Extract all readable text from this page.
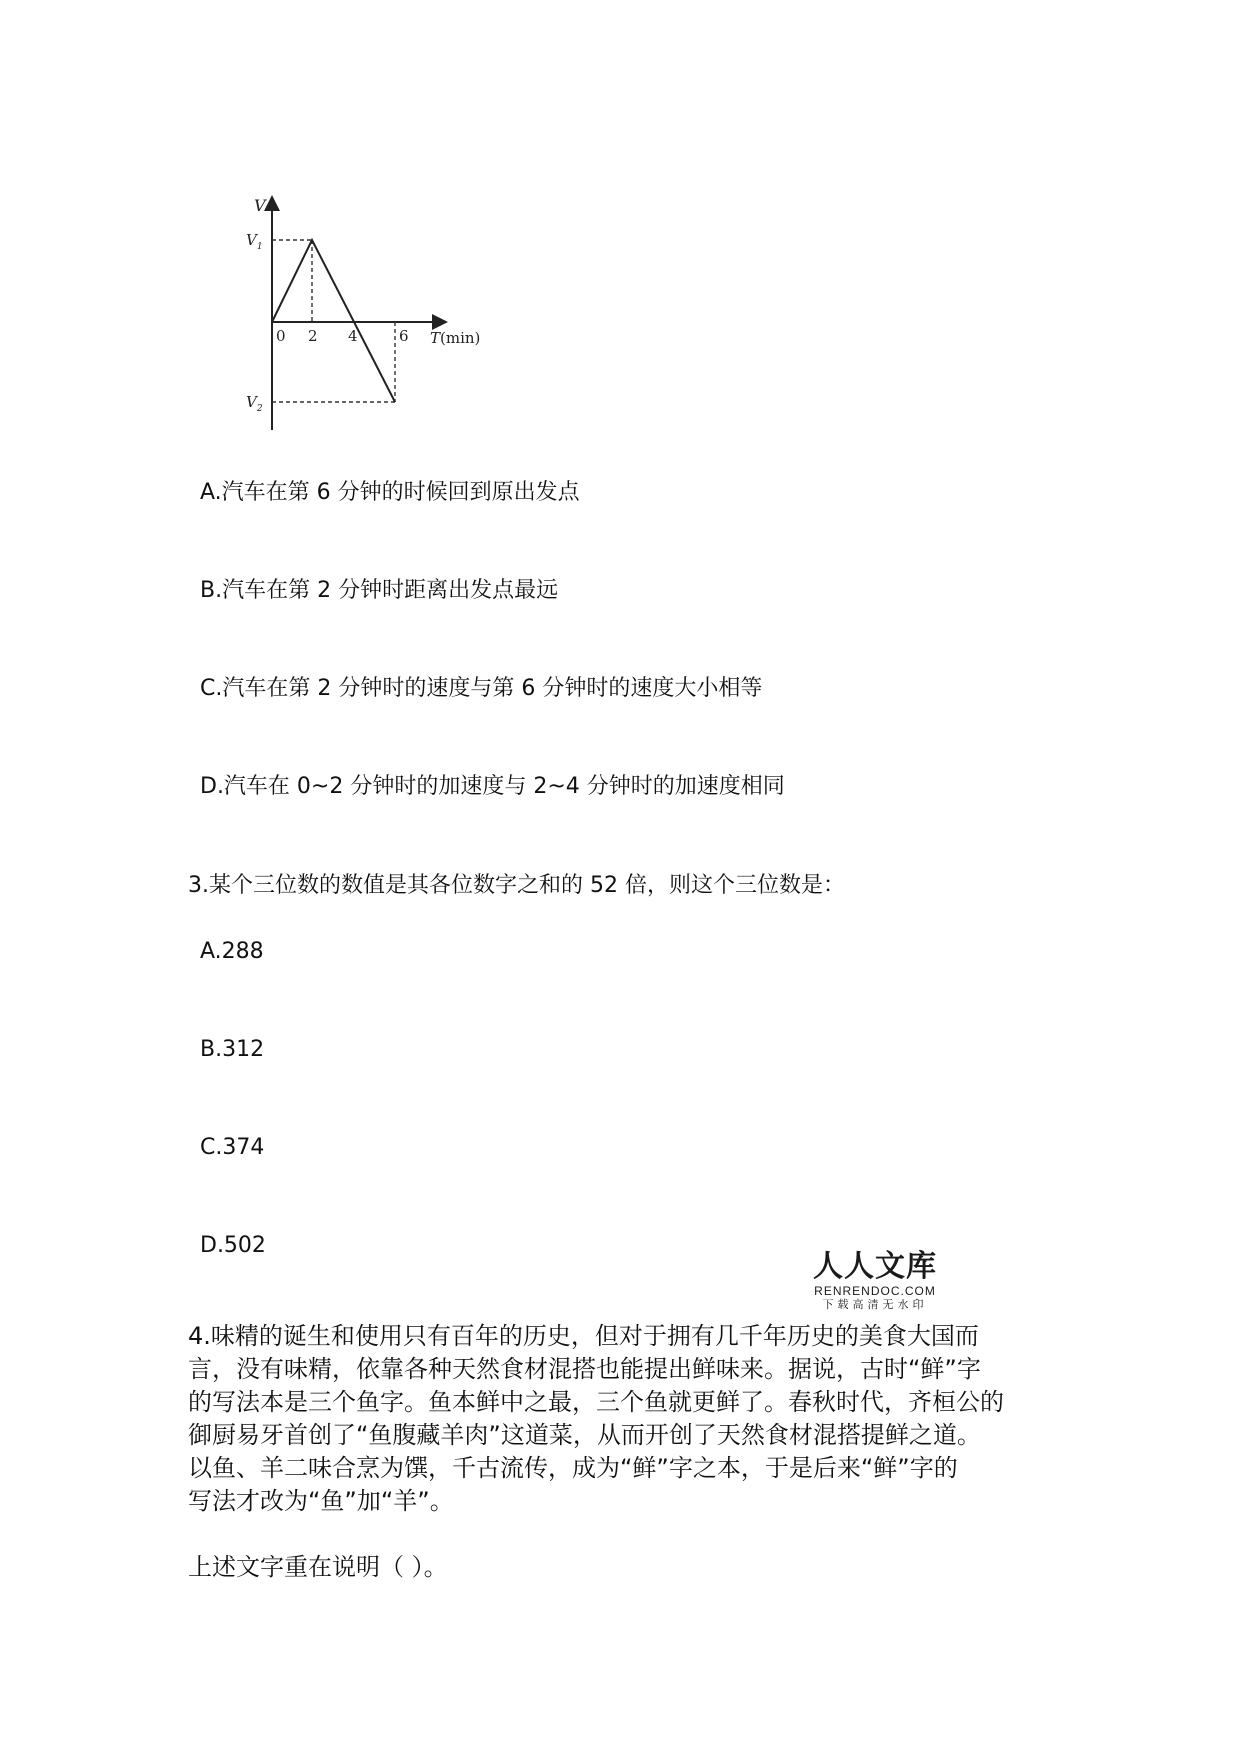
V
$V_1$
$V_2$
0 2 4	6 T(min)
A.汽车在第 6 分钟的时候回到原出发点
B.汽车在第 2 分钟时距离出发点最远
C.汽车在第 2 分钟时的速度与第 6 分钟时的速度大小相等
D.汽车在 0~2 分钟时的加速度与 2~4 分钟时的加速度相同
3.某个三位数的数值是其各位数字之和的 52 倍，则这个三位数是：
A.288
B.312
C.374
D.502
人人文库
RENRENDOC.COM
下载高清无水印
4.味精的诞生和使用只有百年的历史，但对于拥有几千年历史的美食大国而
言，没有味精，依靠各种天然食材混搭也能提出鲜味来。据说，古时“鲜”字
的写法本是三个鱼字。鱼本鲜中之最，三个鱼就更鲜了。春秋时代，齐桓公的
御厨易牙首创了“鱼腹藏羊肉”这道菜，从而开创了天然食材混搭提鲜之道。
以鱼、羊二味合烹为馔，千古流传，成为“鲜”字之本，于是后来“鲜”字的
写法才改为“鱼”加“羊”。
上述文字重在说明（ ）。
